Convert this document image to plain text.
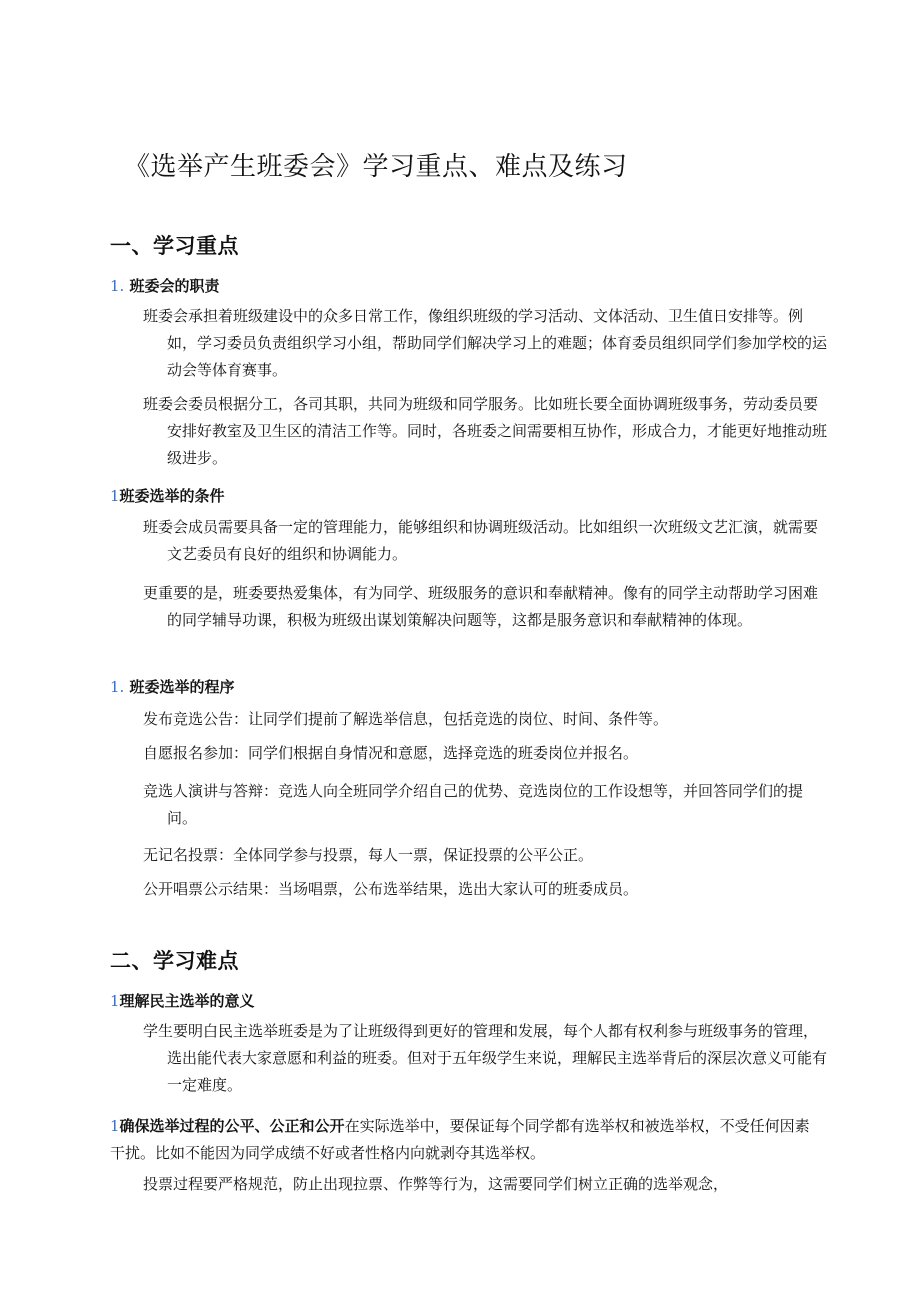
《选举产生班委会》学习重点、难点及练习
一、学习重点
1. 班委会的职责

班委会承担着班级建设中的众多日常工作，像组织班级的学习活动、文体活动、卫生值日安排等。例如，学习委员负责组织学习小组，帮助同学们解决学习上的难题；体育委员组织同学们参加学校的运动会等体育赛事。

班委会委员根据分工，各司其职，共同为班级和同学服务。比如班长要全面协调班级事务，劳动委员要安排好教室及卫生区的清洁工作等。同时，各班委之间需要相互协作，形成合力，才能更好地推动班级进步。

1班委选举的条件

班委会成员需要具备一定的管理能力，能够组织和协调班级活动。比如组织一次班级文艺汇演，就需要文艺委员有良好的组织和协调能力。

更重要的是，班委要热爱集体，有为同学、班级服务的意识和奉献精神。像有的同学主动帮助学习困难的同学辅导功课，积极为班级出谋划策解决问题等，这都是服务意识和奉献精神的体现。

1. 班委选举的程序

发布竞选公告：让同学们提前了解选举信息，包括竞选的岗位、时间、条件等。

自愿报名参加：同学们根据自身情况和意愿，选择竞选的班委岗位并报名。

竞选人演讲与答辩：竞选人向全班同学介绍自己的优势、竞选岗位的工作设想等，并回答同学们的提问。

无记名投票：全体同学参与投票，每人一票，保证投票的公平公正。

公开唱票公示结果：当场唱票，公布选举结果，选出大家认可的班委成员。

二、学习难点
1理解民主选举的意义

学生要明白民主选举班委是为了让班级得到更好的管理和发展，每个人都有权利参与班级事务的管理，选出能代表大家意愿和利益的班委。但对于五年级学生来说，理解民主选举背后的深层次意义可能有一定难度。

1确保选举过程的公平、公正和公开在实际选举中，要保证每个同学都有选举权和被选举权，不受任何因素干扰。比如不能因为同学成绩不好或者性格内向就剥夺其选举权。

投票过程要严格规范，防止出现拉票、作弊等行为，这需要同学们树立正确的选举观念，
